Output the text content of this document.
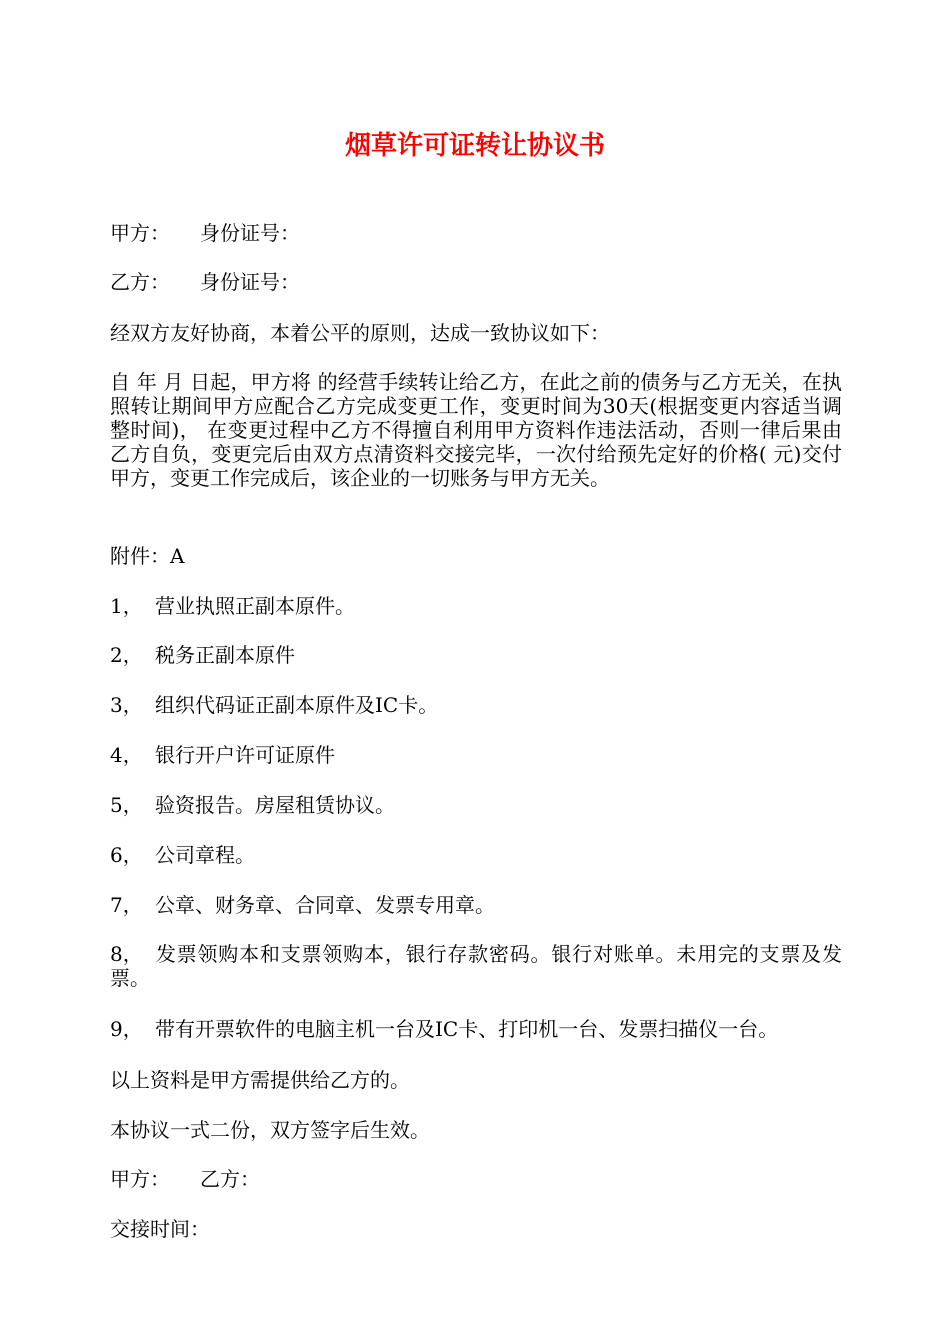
烟草许可证转让协议书
甲方： 身份证号：
乙方： 身份证号：
经双方友好协商，本着公平的原则，达成一致协议如下：
自 年 月 日起，甲方将 的经营手续转让给乙方，在此之前的债务与乙方无关，在执照转让期间甲方应配合乙方完成变更工作，变更时间为30天(根据变更内容适当调整时间)， 在变更过程中乙方不得擅自利用甲方资料作违法活动，否则一律后果由乙方自负，变更完后由双方点清资料交接完毕，一次付给预先定好的价格( 元)交付甲方，变更工作完成后，该企业的一切账务与甲方无关。
附件：A
1， 营业执照正副本原件。
2， 税务正副本原件
3， 组织代码证正副本原件及IC卡。
4， 银行开户许可证原件
5， 验资报告。房屋租赁协议。
6， 公司章程。
7， 公章、财务章、合同章、发票专用章。
8， 发票领购本和支票领购本，银行存款密码。银行对账单。未用完的支票及发票。
9， 带有开票软件的电脑主机一台及IC卡、打印机一台、发票扫描仪一台。
以上资料是甲方需提供给乙方的。
本协议一式二份，双方签字后生效。
甲方： 乙方：
交接时间：
